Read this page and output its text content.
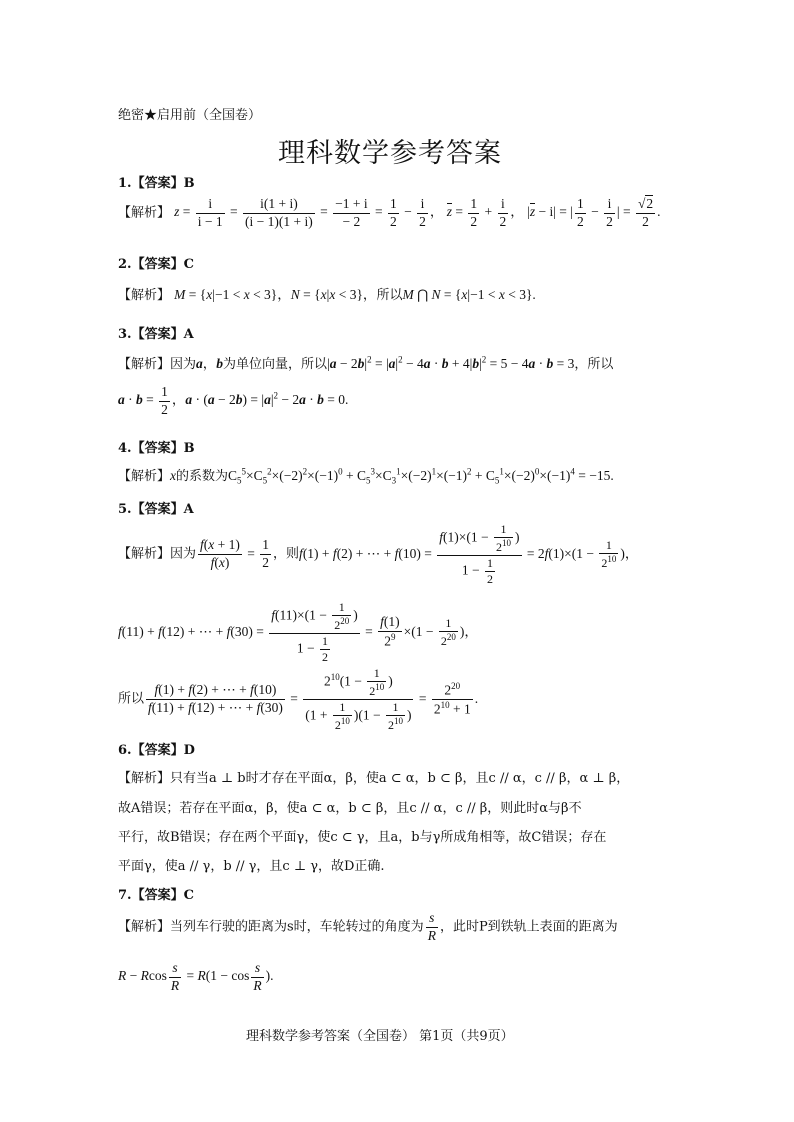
绝密★启用前（全国卷）
理科数学参考答案
1.【答案】B
【解析】 $z = \frac{i}{i - 1} = \frac{i(1 + i)}{(i - 1)(1 + i)} = \frac{-1 + i}{- 2} = \frac{1}{2} - \frac{i}{2}$ ， $z = \frac{1}{2} + \frac{i}{2}$ ， |z − i| = | $\frac{1}{2} - \frac{i}{2}$ | = $\frac{√2}{2}$ .
2.【答案】C
【解析】 M = {x|−1 < x < 3}，N = {x|x < 3}，所以M ⋂ N = {x|−1 < x < 3}.
3.【答案】A
【解析】因为a，b为单位向量，所以$|a - 2b|^2 = |a|^2 - 4a \cdot b + 4|b|^2 = 5 - 4a \cdot b = 3$，所以
$a \cdot b = \frac{1}{2}$ ，$a \cdot (a - 2b) = |a|^2 - 2a \cdot b = 0$.
4.【答案】B
【解析】x的系数为$C_5^5\times C_5^2\times(-2)^2\times(-1)^0 + C_5^3\times C_3^1\times(-2)^1\times(-1)^2 + C_5^1\times(-2)^0\times(-1)^4 = -15$.
5.【答案】A
【解析】因为 $\frac{f(x + 1)}{f(x)} = \frac{1}{2}$ ，则f(1) + f(2) + ⋯ + $f(10) = \frac{f(1)\times(1 - \frac{1}{2^{10}} )}{1 - \frac{1}{2}} = 2f(1)\times(1 - \frac{1}{2^{10}}$ )，
f(11) + f(12) + ⋯ + $f(30) = \frac{f(11)\times(1 - \frac{1}{2^{20}} )}{1 - \frac{1}{2}} = \frac{f(1)}{2^9} \times(1 - \frac{1}{2^{20}}$ )，
所以 $\frac{f(1) + f(2) + \cdots + f(10)}{f(11) + f(12) + \cdots + f(30)} = \frac{2^{10}(1 - \frac{1}{2^{10}} )}{(1 + \frac{1}{2^{10}} )(1 - \frac{1}{2^{10}} )} = \frac{2^{20}}{2^{10} + 1}$ .
6.【答案】D
【解析】只有当a ⊥ b时才存在平面α，β，使a ⊂ α，b ⊂ β，且c // α，c // β，α ⊥ β，
故A错误；若存在平面α，β，使a ⊂ α，b ⊂ β，且c // α，c // β，则此时α与β不
平行，故B错误；存在两个平面γ，使c ⊂ γ，且a，b与γ所成角相等，故C错误；存在
平面γ，使a // γ，b // γ，且c ⊥ γ，故D正确.
7.【答案】C
【解析】当列车行驶的距离为s时，车轮转过的角度为 $\frac{s}{R}$ ，此时P到铁轨上表面的距离为
R − Rcos $\frac{s}{R} = R(1 - \cos \frac{s}{R}$ ).
理科数学参考答案（全国卷） 第1页（共9页）
